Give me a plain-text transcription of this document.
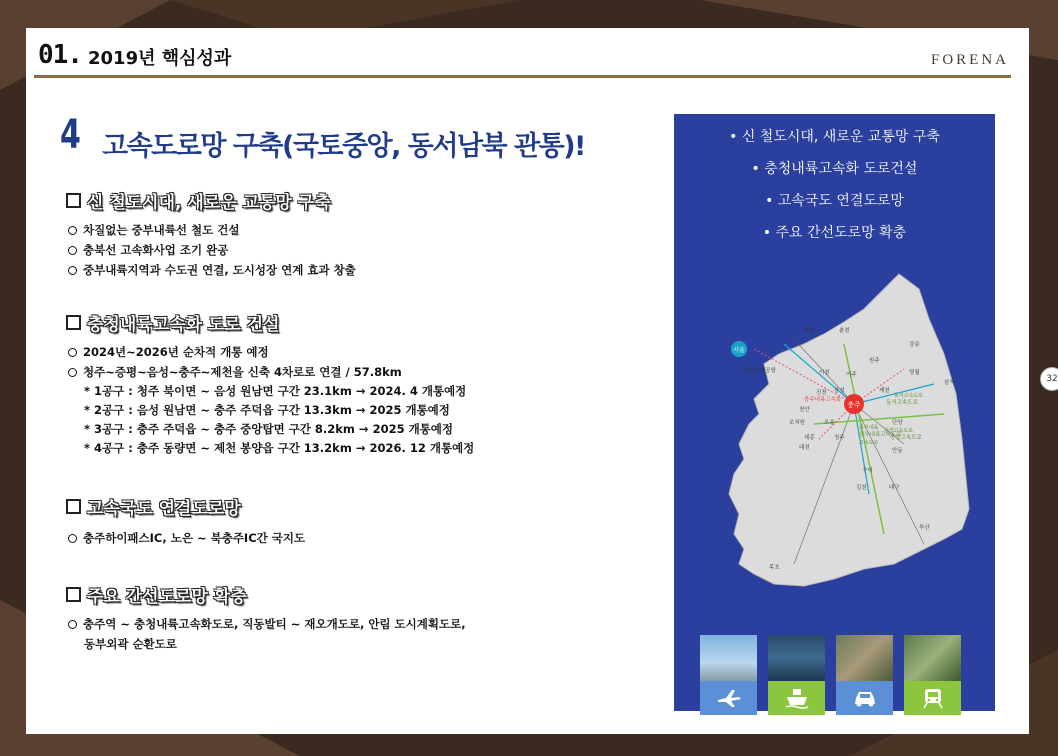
01. 2019년 핵심성과	FORENA
4 고속도로망 구축(국토중앙, 동서남북 관통)!
신 철도시대, 새로운 교통망 구축
차질없는 중부내륙선 철도 건설
충북선 고속화사업 조기 완공
중부내륙지역과 수도권 연결, 도시성장 연계 효과 창출
충청내륙고속화 도로 건설
2024년~2026년 순차적 개통 예정
청주~증평~음성~충주~제천을 신축 4차로로 연결 / 57.8km
* 1공구 : 청주 북이면 ~ 음성 원남면 구간 23.1km → 2024. 4 개통예정
* 2공구 : 음성 원남면 ~ 충주 주덕읍 구간 13.3km → 2025 개통예정
* 3공구 : 충주 주덕읍 ~ 충주 중앙탑면 구간 8.2km → 2025 개통예정
* 4공구 : 충주 동량면 ~ 제천 봉양읍 구간 13.2km → 2026. 12 개통예정
고속국도 연결도로망
충주하이패스IC, 노은 ~ 북충주IC간 국지도
주요 간선도로망 확충
충주역 ~ 충청내륙고속화도로, 직동발티 ~ 재오개도로, 안림 도시계획도로,
동부외곽 순환도로
• 신 철도시대, 새로운 교통망 구축
• 충청내륙고속화 도로건설
• 고속국도 연결도로망
• 주요 간선도로망 확충
충주
서울
양평	춘천
인천국제공항	이천	여주
원주
강릉
영월
제천
삼척
진천
천안
음성
충주내륙고속화	동서고속도로
중부내륙고속도로
청주
세종
조치원
대전
오송	단양
중앙고속도로
안동
구미
김천	대구
부산
목포
중부내륙
고속도로
중앙고속도로
동서고속도로
32
